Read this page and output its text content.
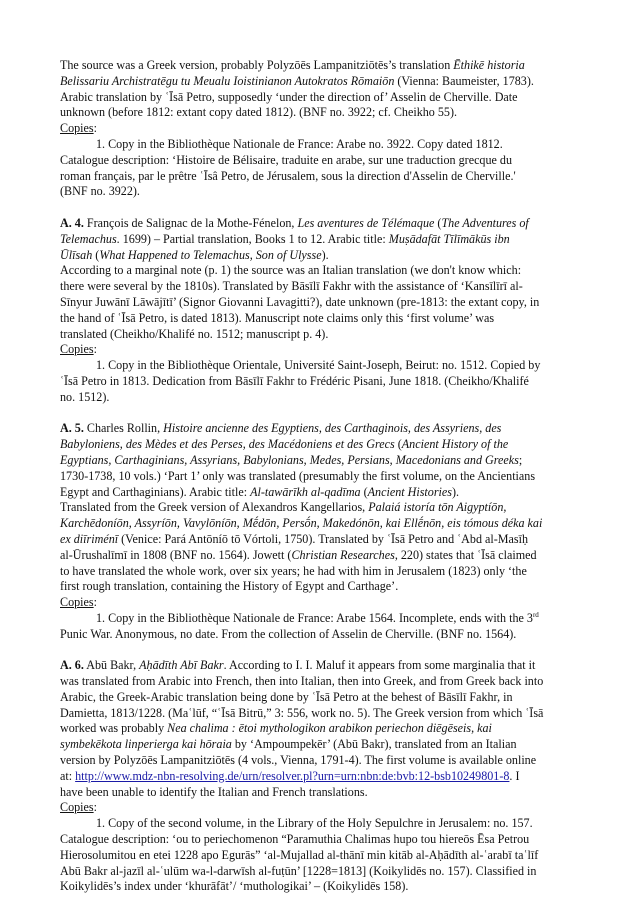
The source was a Greek version, probably Polyzōēs Lampanitziōtēs’s translation Ēthikē historia
Belissariu Archistratēgu tu Meualu Ioistinianon Autokratos Rōmaiōn (Vienna: Baumeister, 1783).
Arabic translation by ʿĪsā Petro, supposedly ‘under the direction of’ Asselin de Cherville. Date
unknown (before 1812: extant copy dated 1812). (BNF no. 3922; cf. Cheikho 55).
Copies:
1. Copy in the Bibliothèque Nationale de France: Arabe no. 3922. Copy dated 1812.
Catalogue description: ‘Histoire de Bélisaire, traduite en arabe, sur une traduction grecque du
roman français, par le prêtre ʿĪsâ Petro, de Jérusalem, sous la direction d'Asselin de Cherville.'
(BNF no. 3922).
A. 4. François de Salignac de la Mothe-Fénelon, Les aventures de Télémaque (The Adventures of
Telemachus. 1699) – Partial translation, Books 1 to 12. Arabic title: Muṣādafāt Tīlīmākūs ibn
Ūlīsah (What Happened to Telemachus, Son of Ulysse).
According to a marginal note (p. 1) the source was an Italian translation (we don't know which:
there were several by the 1810s). Translated by Bāsīlī Fakhr with the assistance of ‘Kansīlīrī al-
Sīnyur Juwānī Lāwājītī’ (Signor Giovanni Lavagitti?), date unknown (pre-1813: the extant copy, in
the hand of ʿĪsā Petro, is dated 1813). Manuscript note claims only this ‘first volume’ was
translated (Cheikho/Khalifé no. 1512; manuscript p. 4).
Copies:
1. Copy in the Bibliothèque Orientale, Université Saint-Joseph, Beirut: no. 1512. Copied by
ʿĪsā Petro in 1813. Dedication from Bāsīlī Fakhr to Frédéric Pisani, June 1818. (Cheikho/Khalifé
no. 1512).
A. 5. Charles Rollin, Histoire ancienne des Egyptiens, des Carthaginois, des Assyriens, des
Babyloniens, des Mèdes et des Perses, des Macédoniens et des Grecs (Ancient History of the
Egyptians, Carthaginians, Assyrians, Babylonians, Medes, Persians, Macedonians and Greeks;
1730-1738, 10 vols.) ‘Part 1’ only was translated (presumably the first volume, on the Ancientians
Egypt and Carthaginians). Arabic title: Al-tawārīkh al-qadīma (Ancient Histories).
Translated from the Greek version of Alexandros Kangellarios, Palaiá istoría tōn Aigyptíōn,
Karchēdoníōn, Assyríōn, Vavylōníōn, Mḗdōn, Persṓn, Makedónōn, kai Ellḗnōn, eis tómous déka kai
ex diīriménī (Venice: Pará Antōníō tō Vórtoli, 1750). Translated by ʿĪsā Petro and ʿAbd al-Masīḥ
al-Ūrushalīmī in 1808 (BNF no. 1564). Jowett (Christian Researches, 220) states that ʿĪsā claimed
to have translated the whole work, over six years; he had with him in Jerusalem (1823) only ‘the
first rough translation, containing the History of Egypt and Carthage’.
Copies:
1. Copy in the Bibliothèque Nationale de France: Arabe 1564. Incomplete, ends with the 3rd
Punic War. Anonymous, no date. From the collection of Asselin de Cherville. (BNF no. 1564).
A. 6. Abū Bakr, Aḥādīth Abī Bakr. According to I. I. Maluf it appears from some marginalia that it
was translated from Arabic into French, then into Italian, then into Greek, and from Greek back into
Arabic, the Greek-Arabic translation being done by ʿĪsā Petro at the behest of Bāsīlī Fakhr, in
Damietta, 1813/1228. (Maʿlūf, “ʿĪsā Bitrū,” 3: 556, work no. 5). The Greek version from which ʿĪsā
worked was probably Nea chalima : ētoi mythologikon arabikon periechon diēgēseis, kai
symbekēkota linperierga kai hōraia by ‘Ampoumpekēr’ (Abū Bakr), translated from an Italian
version by Polyzōēs Lampanitziōtēs (4 vols., Vienna, 1791-4). The first volume is available online
at: http://www.mdz-nbn-resolving.de/urn/resolver.pl?urn=urn:nbn:de:bvb:12-bsb10249801-8. I
have been unable to identify the Italian and French translations.
Copies:
1. Copy of the second volume, in the Library of the Holy Sepulchre in Jerusalem: no. 157.
Catalogue description: ‘ou to periechomenon “Paramuthia Chalimas hupo tou hiereōs Ēsa Petrou
Hierosolumitou en etei 1228 apo Egurās” ‘al-Mujallad al-thānī min kitāb al-Aḥādīth al-ʿarabī taʿlīf
Abū Bakr al-jazīl al-ʿulūm wa-l-darwīsh al-fuṭūn’ [1228=1813] (Koikylidēs no. 157). Classified in
Koikylidēs’s index under ‘khurāfāt’/ ‘muthologikai’ – (Koikylidēs 158).
